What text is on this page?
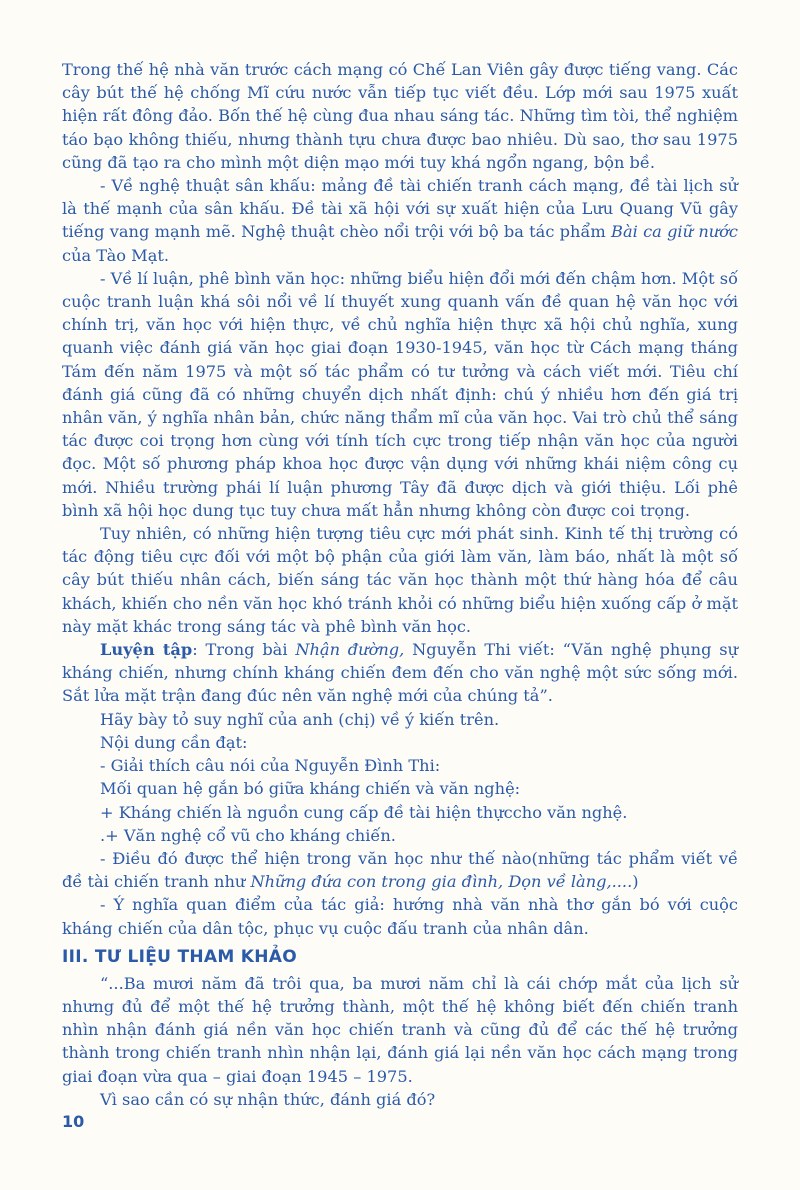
Trong thế hệ nhà văn trước cách mạng có Chế Lan Viên gây được tiếng vang. Các cây bút thế hệ chống Mĩ cứu nước vẫn tiếp tục viết đều. Lớp mới sau 1975 xuất hiện rất đông đảo. Bốn thế hệ cùng đua nhau sáng tác. Những tìm tòi, thể nghiệm táo bạo không thiếu, nhưng thành tựu chưa được bao nhiêu. Dù sao, thơ sau 1975 cũng đã tạo ra cho mình một diện mạo mới tuy khá ngổn ngang, bộn bề.

- Về nghệ thuật sân khấu: mảng đề tài chiến tranh cách mạng, đề tài lịch sử là thế mạnh của sân khấu. Đề tài xã hội với sự xuất hiện của Lưu Quang Vũ gây tiếng vang mạnh mẽ. Nghệ thuật chèo nổi trội với bộ ba tác phẩm Bài ca giữ nước của Tào Mạt.

- Về lí luận, phê bình văn học: những biểu hiện đổi mới đến chậm hơn. Một số cuộc tranh luận khá sôi nổi về lí thuyết xung quanh vấn đề quan hệ văn học với chính trị, văn học với hiện thực, về chủ nghĩa hiện thực xã hội chủ nghĩa, xung quanh việc đánh giá văn học giai đoạn 1930-1945, văn học từ Cách mạng tháng Tám đến năm 1975 và một số tác phẩm có tư tưởng và cách viết mới. Tiêu chí đánh giá cũng đã có những chuyển dịch nhất định: chú ý nhiều hơn đến giá trị nhân văn, ý nghĩa nhân bản, chức năng thẩm mĩ của văn học. Vai trò chủ thể sáng tác được coi trọng hơn cùng với tính tích cực trong tiếp nhận văn học của người đọc. Một số phương pháp khoa học được vận dụng với những khái niệm công cụ mới. Nhiều trường phái lí luận phương Tây đã được dịch và giới thiệu. Lối phê bình xã hội học dung tục tuy chưa mất hẳn nhưng không còn được coi trọng.

Tuy nhiên, có những hiện tượng tiêu cực mới phát sinh. Kinh tế thị trường có tác động tiêu cực đối với một bộ phận của giới làm văn, làm báo, nhất là một số cây bút thiếu nhân cách, biến sáng tác văn học thành một thứ hàng hóa để câu khách, khiến cho nền văn học khó tránh khỏi có những biểu hiện xuống cấp ở mặt này mặt khác trong sáng tác và phê bình văn học.

Luyện tập: Trong bài Nhận đường, Nguyễn Thi viết: “Văn nghệ phụng sự kháng chiến, nhưng chính kháng chiến đem đến cho văn nghệ một sức sống mới. Sắt lửa mặt trận đang đúc nên văn nghệ mới của chúng tả”.

Hãy bày tỏ suy nghĩ của anh (chị) về ý kiến trên.

Nội dung cần đạt:

- Giải thích câu nói của Nguyễn Đình Thi:

Mối quan hệ gắn bó giữa kháng chiến và văn nghệ:

+ Kháng chiến là nguồn cung cấp đề tài hiện thựccho văn nghệ.

.+ Văn nghệ cổ vũ cho kháng chiến.

- Điều đó được thể hiện trong văn học như thế nào(những tác phẩm viết về đề tài chiến tranh như Những đứa con trong gia đình, Dọn về làng,....)

- Ý nghĩa quan điểm của tác giả: hướng nhà văn nhà thơ gắn bó với cuộc kháng chiến của dân tộc, phục vụ cuộc đấu tranh của nhân dân.

III. TƯ LIỆU THAM KHẢO

“...Ba mươi năm đã trôi qua, ba mươi năm chỉ là cái chớp mắt của lịch sử nhưng đủ để một thế hệ trưởng thành, một thế hệ không biết đến chiến tranh nhìn nhận đánh giá nền văn học chiến tranh và cũng đủ để các thế hệ trưởng thành trong chiến tranh nhìn nhận lại, đánh giá lại nền văn học cách mạng trong giai đoạn vừa qua – giai đoạn 1945 – 1975.

Vì sao cần có sự nhận thức, đánh giá đó?

10
